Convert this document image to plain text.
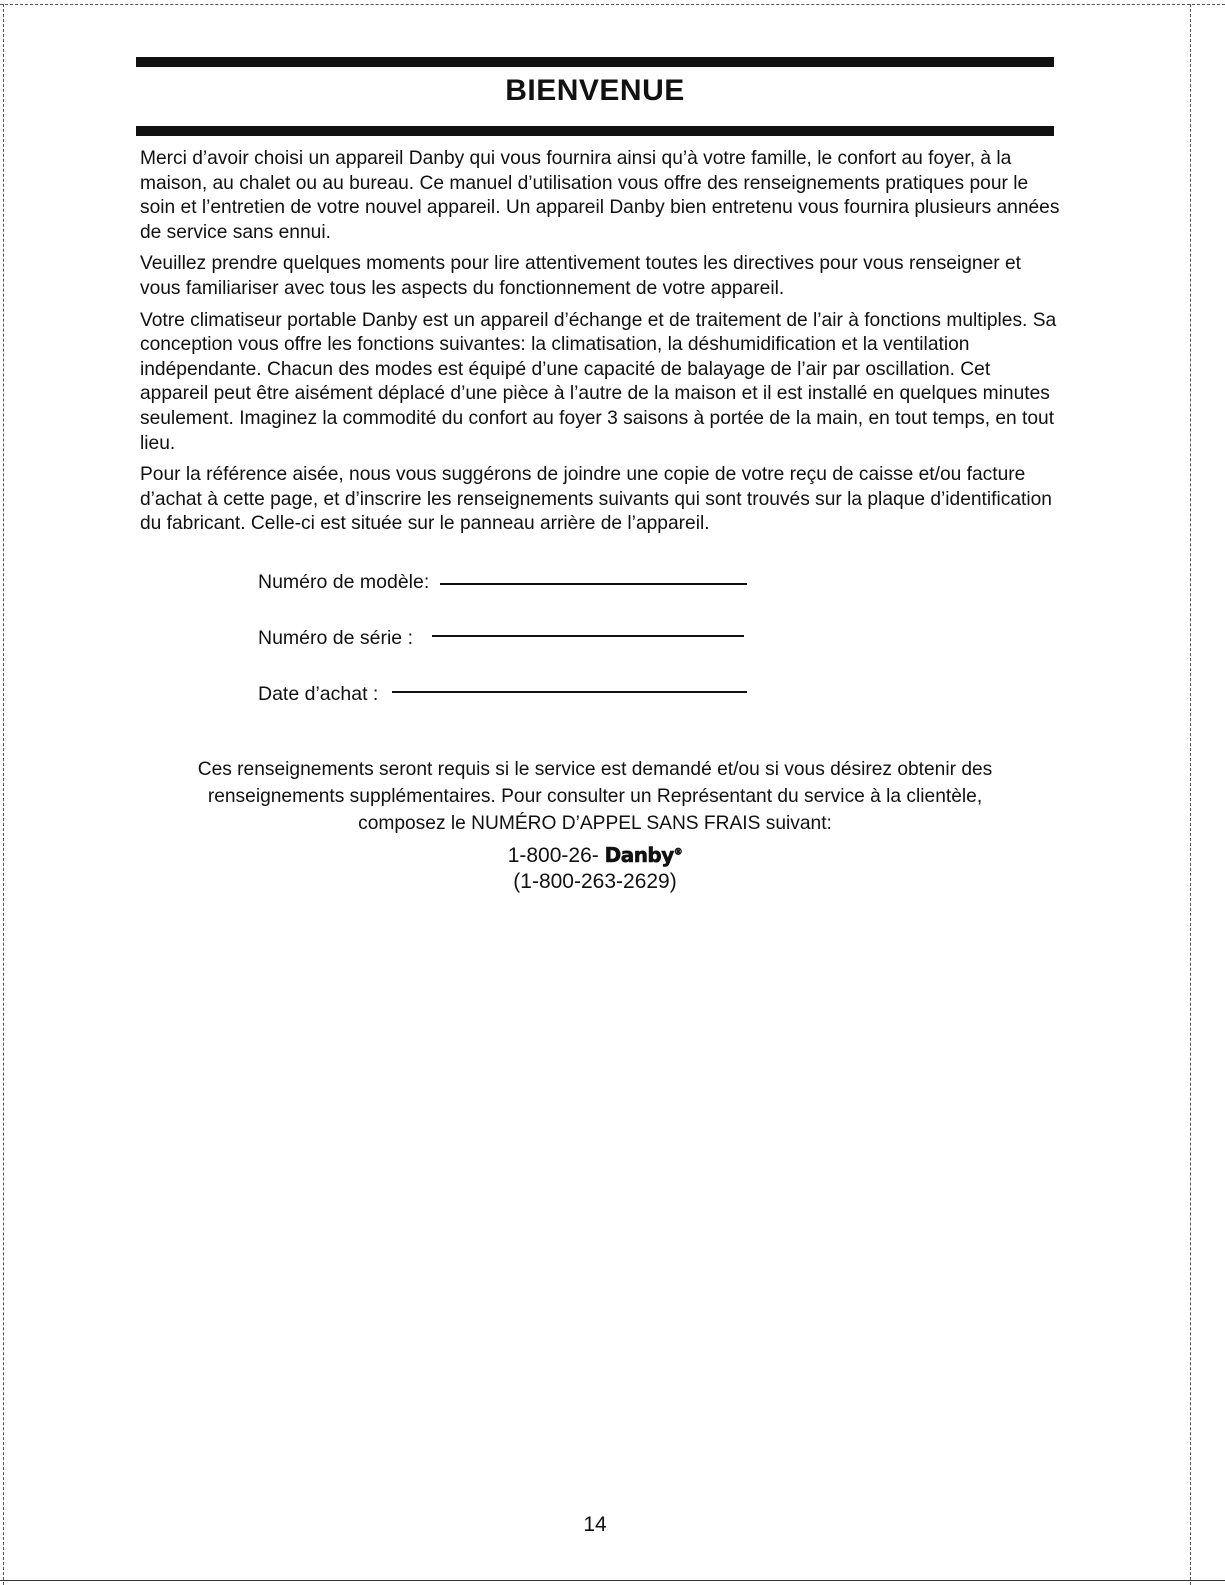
BIENVENUE

Merci d’avoir choisi un appareil Danby qui vous fournira ainsi qu’à votre famille, le confort au foyer, à la maison, au chalet ou au bureau. Ce manuel d’utilisation vous offre des renseignements pratiques pour le soin et l’entretien de votre nouvel appareil. Un appareil Danby bien entretenu vous fournira plusieurs années de service sans ennui.

Veuillez prendre quelques moments pour lire attentivement toutes les directives pour vous renseigner et vous familiariser avec tous les aspects du fonctionnement de votre appareil.

Votre climatiseur portable Danby est un appareil d’échange et de traitement de l’air à fonctions multiples. Sa conception vous offre les fonctions suivantes: la climatisation, la déshumidification et la ventilation indépendante. Chacun des modes est équipé d’une capacité de balayage de l’air par oscillation. Cet appareil peut être aisément déplacé d’une pièce à l’autre de la maison et il est installé en quelques minutes seulement. Imaginez la commodité du confort au foyer 3 saisons à portée de la main, en tout temps, en tout lieu.

Pour la référence aisée, nous vous suggérons de joindre une copie de votre reçu de caisse et/ou facture d’achat à cette page, et d’inscrire les renseignements suivants qui sont trouvés sur la plaque d’identification du fabricant. Celle-ci est située sur le panneau arrière de l’appareil.

Numéro de modèle:
Numéro de série :
Date d’achat :

Ces renseignements seront requis si le service est demandé et/ou si vous désirez obtenir des

renseignements supplémentaires. Pour consulter un Représentant du service à la clientèle,

composez le NUMÉRO D’APPEL SANS FRAIS suivant:

1-800-26- Danby®
(1-800-263-2629)
14
